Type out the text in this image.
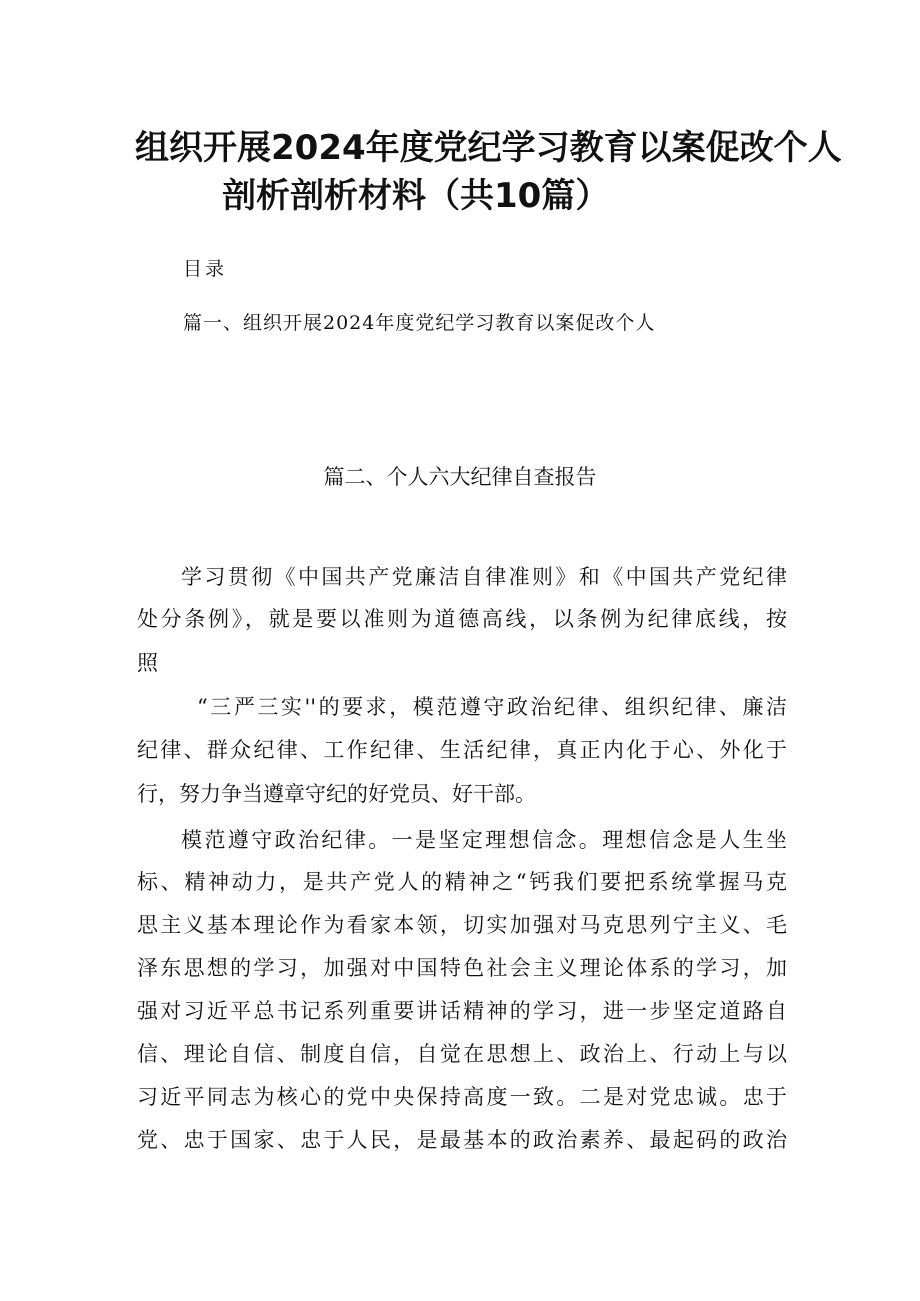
组织开展2024年度党纪学习教育以案促改个人
剖析剖析材料（共10篇）
目录
篇一、组织开展2024年度党纪学习教育以案促改个人
篇二、个人六大纪律自查报告
学习贯彻《中国共产党廉洁自律准则》和《中国共产党纪律
处分条例》，就是要以准则为道德高线，以条例为纪律底线，按
照
“三严三实''的要求，模范遵守政治纪律、组织纪律、廉洁
纪律、群众纪律、工作纪律、生活纪律，真正内化于心、外化于
行，努力争当遵章守纪的好党员、好干部。
模范遵守政治纪律。一是坚定理想信念。理想信念是人生坐
标、精神动力，是共产党人的精神之“钙我们要把系统掌握马克
思主义基本理论作为看家本领，切实加强对马克思列宁主义、毛
泽东思想的学习，加强对中国特色社会主义理论体系的学习，加
强对习近平总书记系列重要讲话精神的学习，进一步坚定道路自
信、理论自信、制度自信，自觉在思想上、政治上、行动上与以
习近平同志为核心的党中央保持高度一致。二是对党忠诚。忠于
党、忠于国家、忠于人民，是最基本的政治素养、最起码的政治
